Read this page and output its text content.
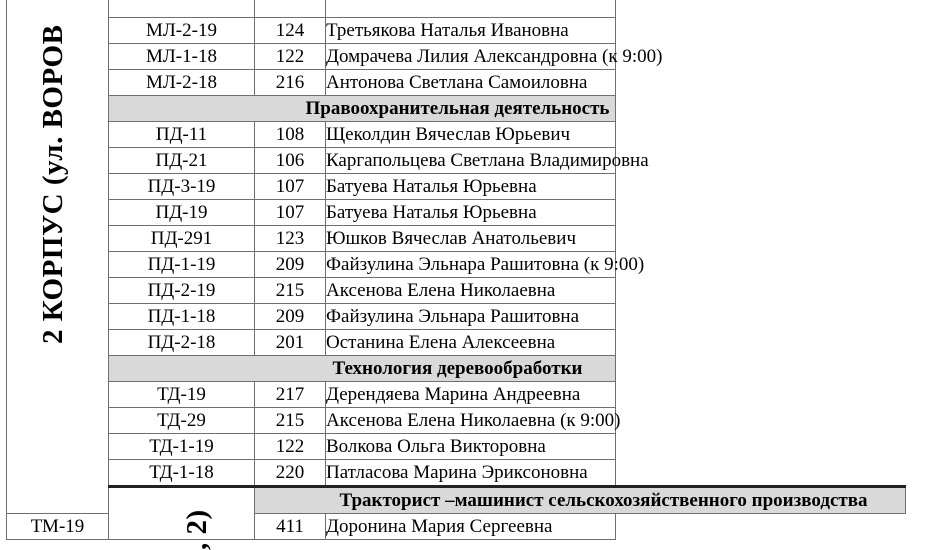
2 КОРПУС (ул. ВОРОВ			

	МЛ-2-19	124	Третьякова Наталья Ивановна
	МЛ-1-18	122	Домрачева Лилия Александровна (к 9:00)
	МЛ-2-18	216	Антонова Светлана Самоиловна
	Правоохранительная деятельность		
	ПД-11	108	Щеколдин Вячеслав Юрьевич
	ПД-21	106	Каргапольцева Светлана Владимировна
	ПД-3-19	107	Батуева Наталья Юрьевна
	ПД-19	107	Батуева Наталья Юрьевна
	ПД-291	123	Юшков Вячеслав Анатольевич
	ПД-1-19	209	Файзулина Эльнара Рашитовна (к 9:00)
	ПД-2-19	215	Аксенова Елена Николаевна
	ПД-1-18	209	Файзулина Эльнара Рашитовна
	ПД-2-18	201	Останина Елена Алексеевна
	Технология деревообработки		
	ТД-19	217	Дерендяева Марина Андреевна
	ТД-29	215	Аксенова Елена Николаевна (к 9:00)
	ТД-1-19	122	Волкова Ольга Викторовна
	ТД-1-18	220	Патласова Марина Эриксоновна

	, 2)	Тракторист –машинист сельскохозяйственного производства	
ТМ-19		411	Доронина Мария Сергеевна
